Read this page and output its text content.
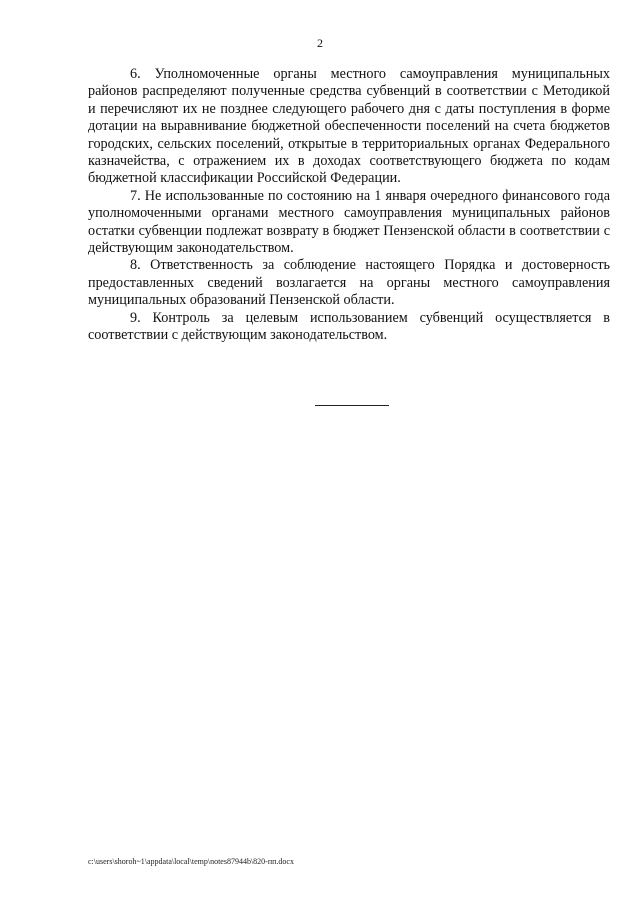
2

6. Уполномоченные органы местного самоуправления муниципальных районов распределяют полученные средства субвенций в соответствии с Методикой и перечисляют их не позднее следующего рабочего дня с даты поступления в форме дотации на выравнивание бюджетной обеспеченности поселений на счета бюджетов городских, сельских поселений, открытые в территориальных органах Федерального казначейства, с отражением их в доходах соответствующего бюджета по кодам бюджетной классификации Российской Федерации.

7. Не использованные по состоянию на 1 января очередного финансового года уполномоченными органами местного самоуправления муниципальных районов остатки субвенции подлежат возврату в бюджет Пензенской области в соответствии с действующим законодательством.

8. Ответственность за соблюдение настоящего Порядка и достоверность предоставленных сведений возлагается на органы местного самоуправления муниципальных образований Пензенской области.

9. Контроль за целевым использованием субвенций осуществляется в соответствии с действующим законодательством.

c:\users\shoroh~1\appdata\local\temp\notes87944b\820-пп.docx
